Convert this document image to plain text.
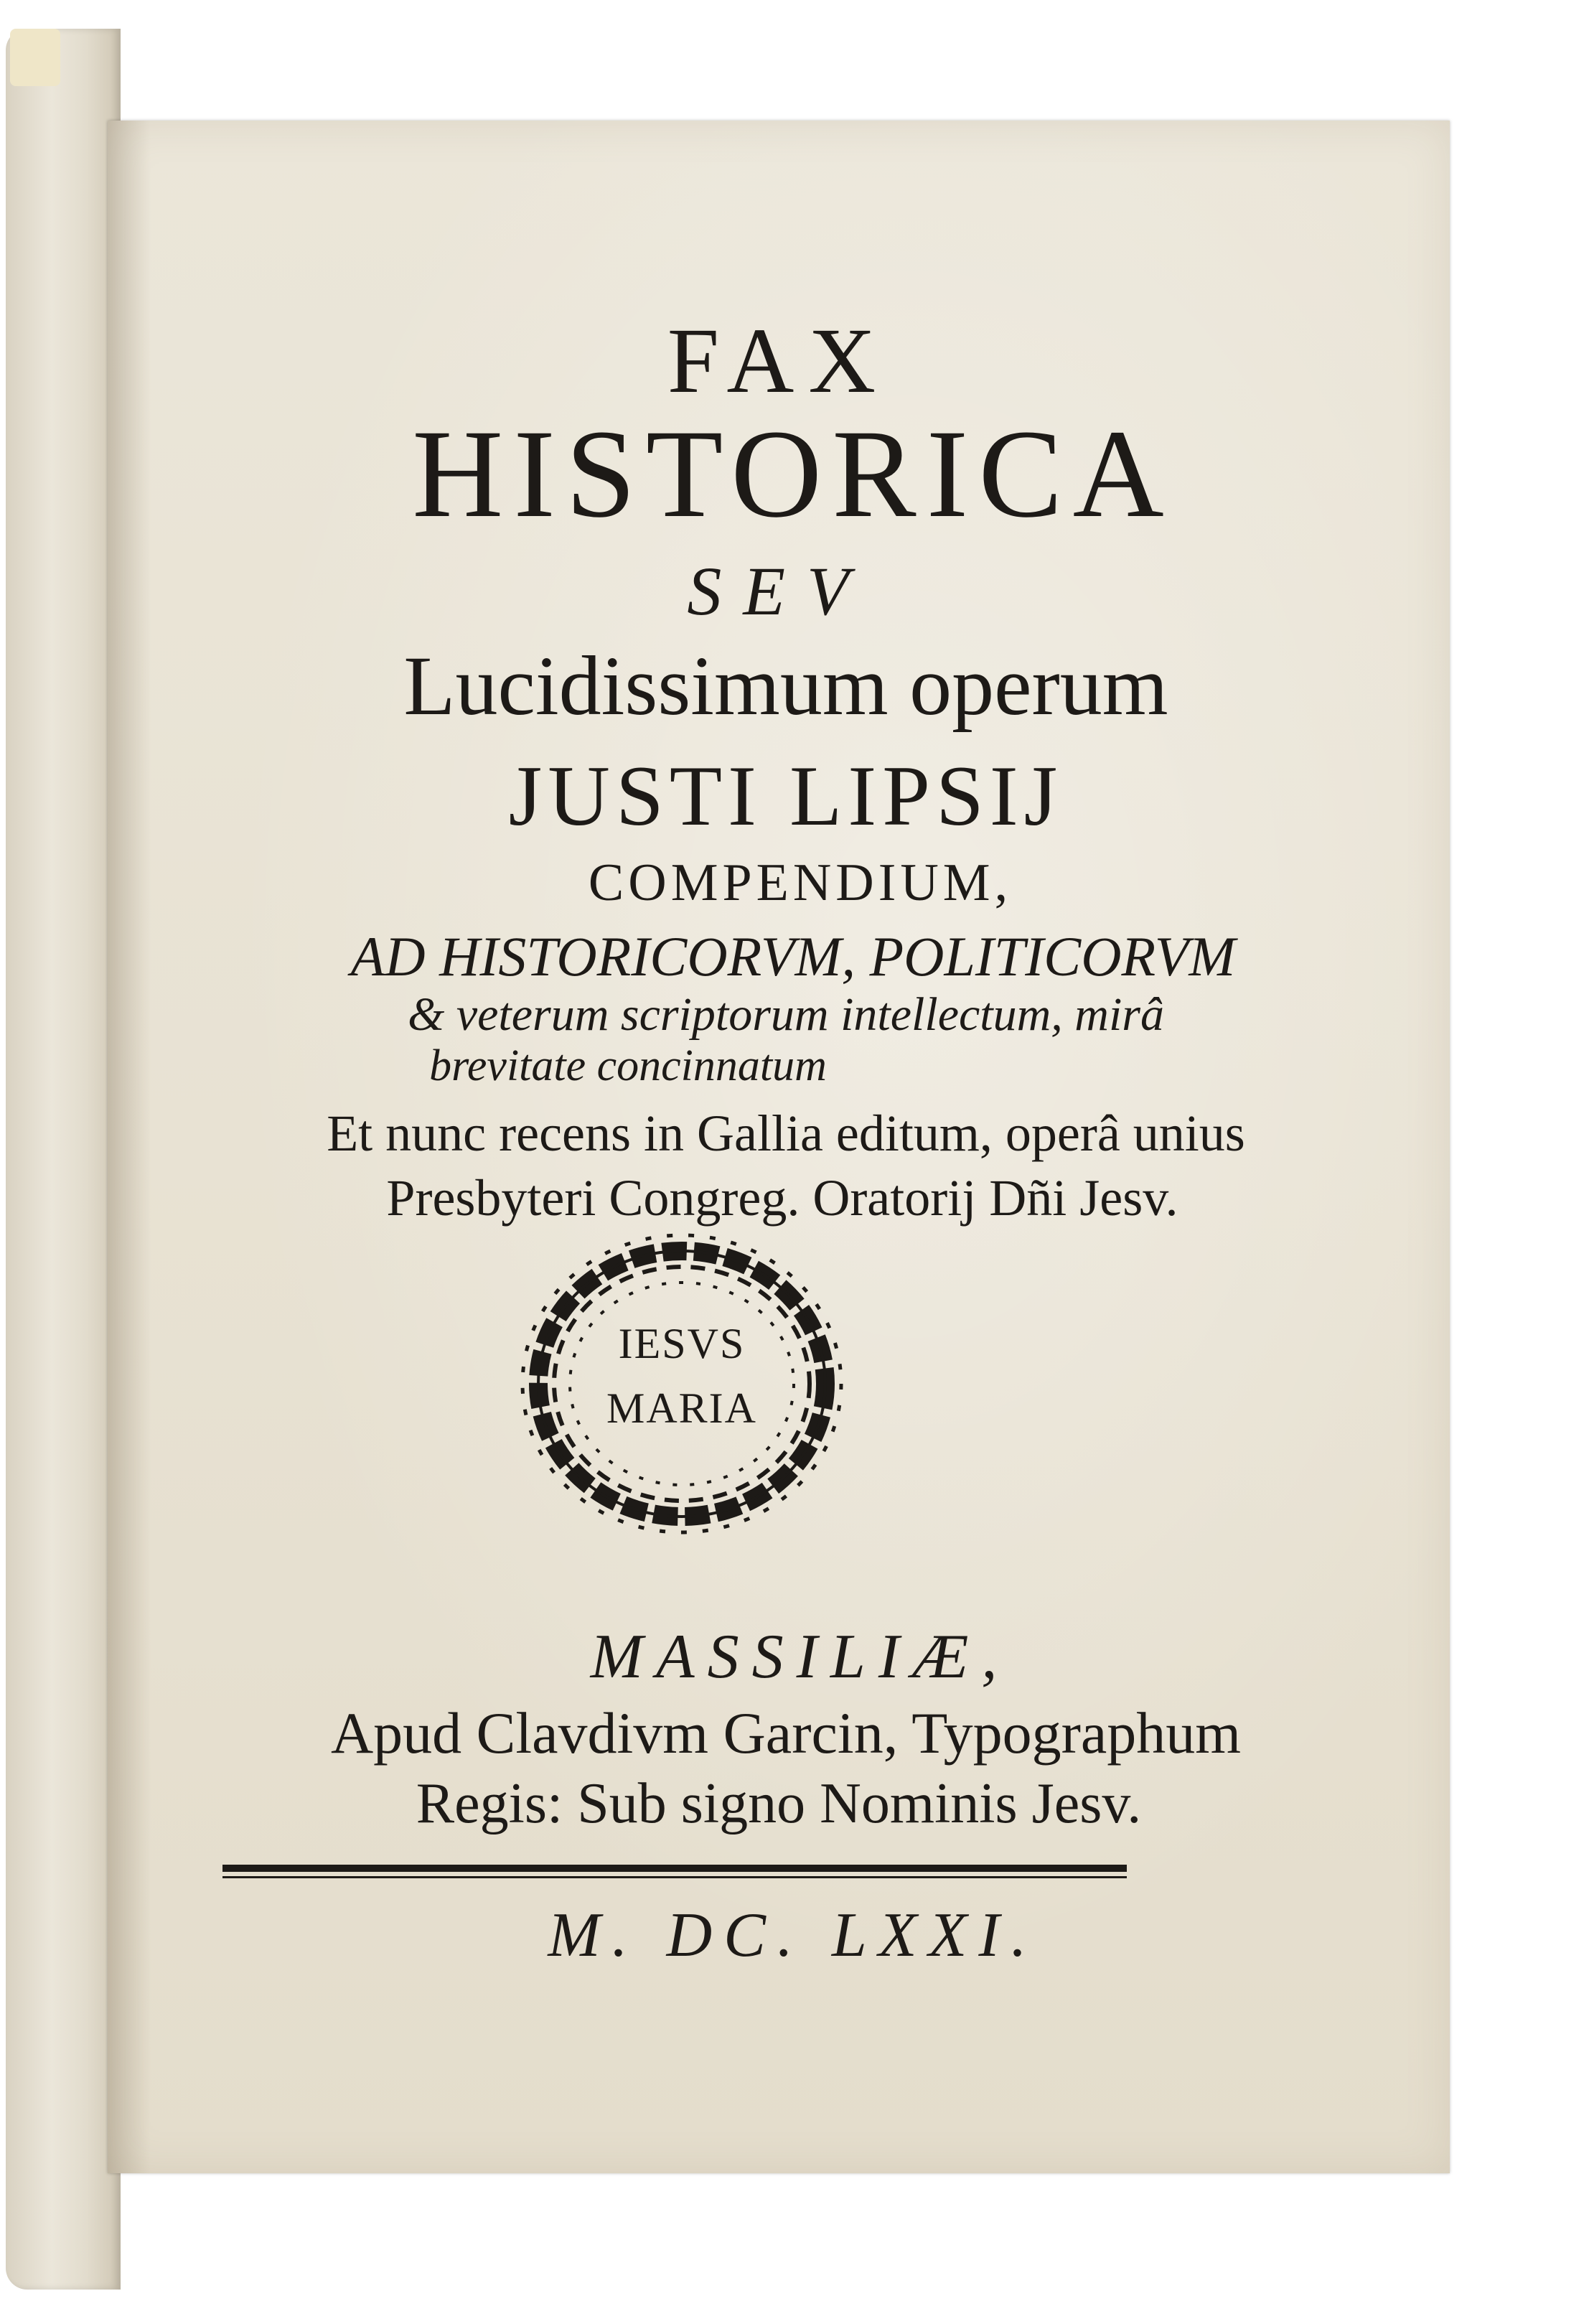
FAX
HISTORICA
SEV
Lucidissimum operum
JUSTI LIPSIJ
COMPENDIUM,
AD HISTORICORVM, POLITICORVM
& veterum scriptorum intellectum, mirâ
brevitate concinnatum
Et nunc recens in Gallia editum, operâ unius
Presbyteri Congreg. Oratorij Dñi Jesv.
IESVS
MARIA
MASSILIÆ,
Apud Clavdivm Garcin, Typographum
Regis: Sub signo Nominis Jesv.
M. DC. LXXI.
